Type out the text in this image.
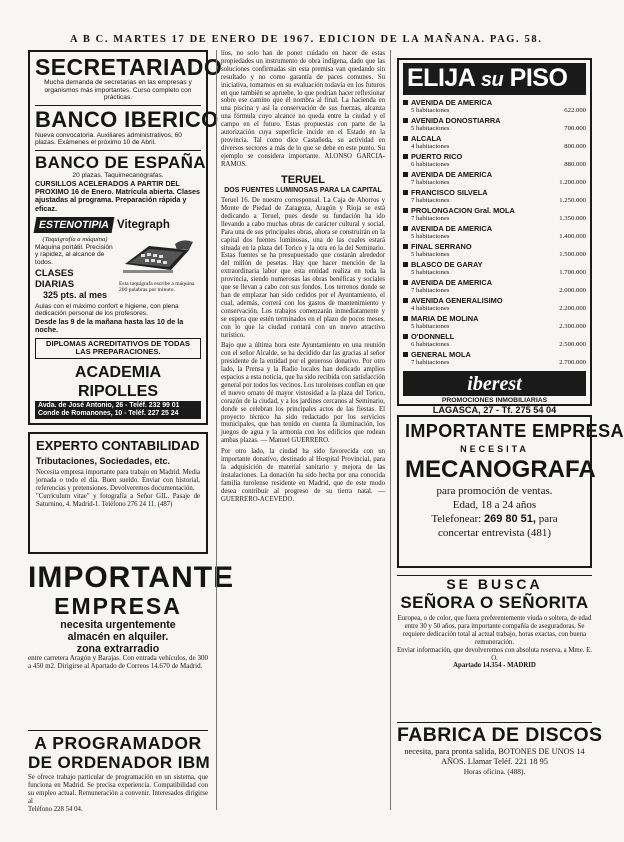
A B C. MARTES 17 DE ENERO DE 1967. EDICION DE LA MAÑANA. PAG. 58.
SECRETARIADO

Mucha demanda de secretarias en las empresas y organismos más importantes. Curso completo con prácticas.

BANCO IBERICO

Nueva convocatoria. Auxiliares administrativos, 60 plazas. Exámenes el próximo 10 de Abril.

BANCO DE ESPAÑA

20 plazas. Taquimecanógrafas.

CURSILLOS ACELERADOS A PARTIR DEL PROXIMO 16 de Enero. Matrícula abierta. Clases ajustadas al programa. Preparación rápida y eficaz.

ESTENOTIPIA Vitegraph

(Taquigrafía a máquina)

Máquina portátil. Precisión y rapidez, al alcance de todos.

CLASES DIARIAS

325 pts. al mes

Esta taquígrafa escribe a máquina 200 palabras por minuto.

Aulas con el máximo confort e higiene, con plena dedicación personal de los profesores.

Desde las 9 de la mañana hasta las 10 de la noche.

DIPLOMAS ACREDITATIVOS DE TODAS LAS PREPARACIONES.

ACADEMIA RIPOLLES

Avda. de José Antonio, 26 - Teléf. 232 99 01

Conde de Romanones, 10 - Teléf. 227 25 24

EXPERTO CONTABILIDAD
Tributaciones, Sociedades, etc.

Necesita empresa importante para trabajo en Madrid. Media jornada o todo el día. Buen sueldo. Enviar con historial, referencias y pretensiones. Devolveremos documentación.

"Curriculum vitae" y fotografía a Señor GIL. Pasaje de Saturnino, 4. Madrid-1. Teléfono 276 24 11. (487)

IMPORTANTE
EMPRESA

necesita urgentemente

almacén en alquiler.

zona extrarradio

entre carretera Aragón y Barajas. Con entrada vehículos, de 300 a 450 m2. Dirigirse al Apartado de Correos 14.670 de Madrid.

A PROGRAMADOR
DE ORDENADOR IBM

Se ofrece trabajo particular de programación en un sistema, que funciona en Madrid. Se precisa experiencia. Compatibilidad con su empleo actual. Remuneración a convenir. Interesados dirigirse al

Teléfono 228 54 04.

líos, no solo han de poner cuidado en hacer de estas propiedades un instrumento de obra indígena, dado que las soluciones confirmadas sin esta premisa van quedando sin resultado y no como garantía de paces comunes. Su iniciativa, tomamos en su evaluación todavía en los futuros en que también se apruebe, lo que podrían hacer reflexionar sobre ese camino que él nombra al final. La hacienda en una piscina y así la conservación de sus fuerzas, alcanza una fórmula cuyo alcance no queda entre la ciudad y el campo en el futuro. Estas propuestas con parte de la autorización cuya superficie incide en el Estado en la provincia. Tal como dice Castañeda, su actividad en diversos sectores a más de lo que se debe en este punto. Su ejemplo se considera importante. ALONSO GARCIA-RAMOS.

TERUEL
DOS FUENTES LUMINOSAS PARA LA CAPITAL

Teruel 16. De nuestro corresponsal. La Caja de Ahorros y Monte de Piedad de Zaragoza, Aragón y Rioja se está dedicando a Teruel, pues desde su fundación ha ido llevando a cabo muchas obras de carácter cultural y social. Para una de sus principales obras, ahora se construirán en la capital dos fuentes luminosas, una de las cuales estará situada en la plaza del Torico y la otra en la del Seminario. Estas fuentes se ha presupuestado que costarán alrededor del millón de pesetas. Hay que hacer mención de la extraordinaria labor que esta entidad realiza en toda la provincia, siendo numerosas las obras benéficas y sociales que se llevan a cabo con sus fondos. Los terrenos donde se han de emplazar han sido cedidos por el Ayuntamiento, el cual, además, correrá con los gastos de mantenimiento y conservación. Los trabajos comenzarán inmediatamente y se espera que estén terminados en el plazo de pocos meses, con lo que la ciudad contará con un nuevo atractivo turístico.

Bajo que a última hora este Ayuntamiento en una reunión con el señor Alcalde, se ha decidido dar las gracias al señor presidente de la entidad por el generoso donativo. Por otro lado, la Prensa y la Radio locales han dedicado amplios espacios a esta noticia, que ha sido recibida con satisfacción general por todos los vecinos. Los turolenses confían en que el nuevo ornato dé mayor vistosidad a la plaza del Torico, corazón de la ciudad, y a los jardines cercanos al Seminario, donde se celebran los principales actos de las fiestas. El proyecto técnico ha sido redactado por los servicios municipales, que han tenido en cuenta la iluminación, los juegos de agua y la armonía con los edificios que rodean ambas plazas. — Manuel GUERRERO.

Por otro lado, la ciudad ha sido favorecida con un importante donativo, destinado al Hospital Provincial, para la adquisición de material sanitario y mejora de las instalaciones. La donación ha sido hecha por una conocida familia turolense residente en Madrid, que de este modo desea contribuir al progreso de su tierra natal. — GUERRERO-ACEVEDO.

ELIJA su PISO
AVENIDA DE AMERICA
5 habitaciones	622.000
AVENIDA DONOSTIARRA
5 habitaciones	700.000
ALCALA
4 habitaciones	800.000
PUERTO RICO
6 habitaciones	880.000
AVENIDA DE AMERICA
7 habitaciones	1.200.000
FRANCISCO SILVELA
7 habitaciones	1.250.000
PROLONGACION Gral. MOLA
7 habitaciones	1.350.000
AVENIDA DE AMERICA
5 habitaciones	1.400.000
FINAL SERRANO
5 habitaciones	1.500.000
BLASCO DE GARAY
5 habitaciones	1.700.000
AVENIDA DE AMERICA
7 habitaciones	2.000.000
AVENIDA GENERALISIMO
4 habitaciones	2.200.000
MARIA DE MOLINA
5 habitaciones	2.300.000
O'DONNELL
6 habitaciones	2.500.000
GENERAL MOLA
7 habitaciones	2.700.000
iberest

PROMOCIONES INMOBILIARIAS

LAGASCA, 27 - Tf. 275 54 04

IMPORTANTE EMPRESA
NECESITA
MECANOGRAFA

para promoción de ventas.

Edad, 18 a 24 años

Telefonear: 269 80 51, para

concertar entrevista (481)

SE BUSCA
SEÑORA O SEÑORITA

Europea, o de color, que fuera preferentemente viuda o soltera, de edad entre 30 y 50 años, para importante compañía de aseguradoras. Se requiere dedicación total al actual trabajo, horas exactas, con buena remuneración.

Enviar información, que devolveremos con absoluta reserva, a Mme. E. O.

Apartado 14.354 - MADRID

FABRICA DE DISCOS

necesita, para pronta salida, BOTONES DE UNOS 14 AÑOS. Llamar Teléf. 221 18 95

Horas oficina. (488).
